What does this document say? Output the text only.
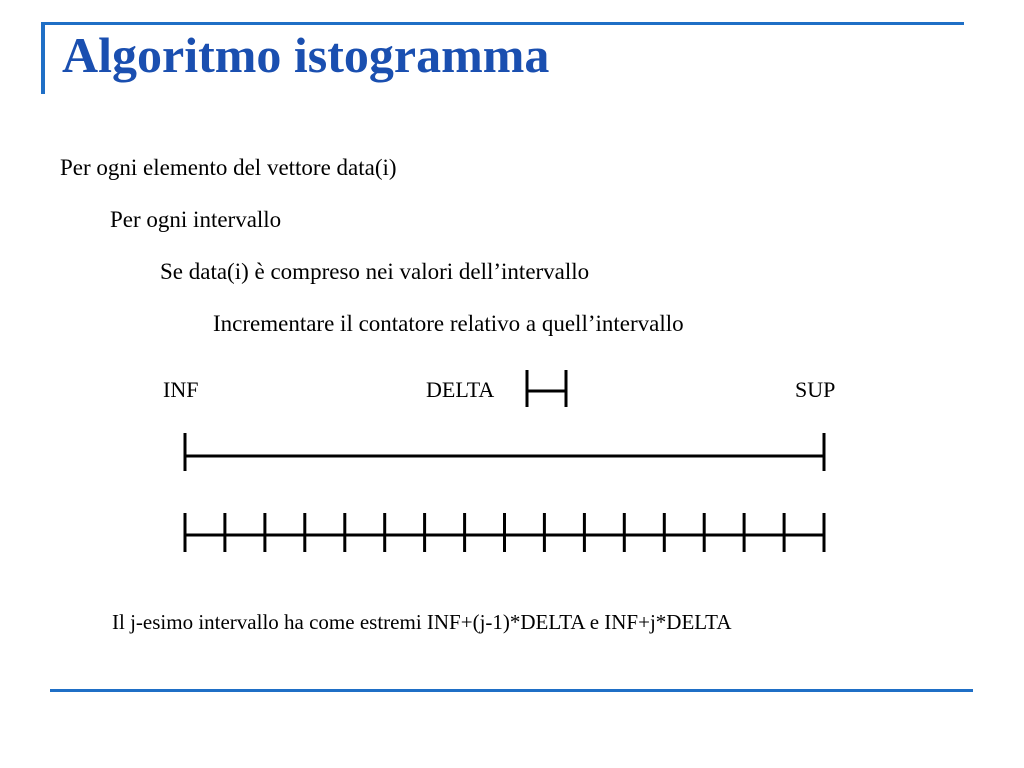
Algoritmo istogramma
Per ogni elemento del vettore data(i)
Per ogni intervallo
Se data(i) è compreso nei valori dell’intervallo
Incrementare il contatore relativo a quell’intervallo
INF	DELTA	SUP
Il j-esimo intervallo ha come estremi INF+(j-1)*DELTA e INF+j*DELTA
